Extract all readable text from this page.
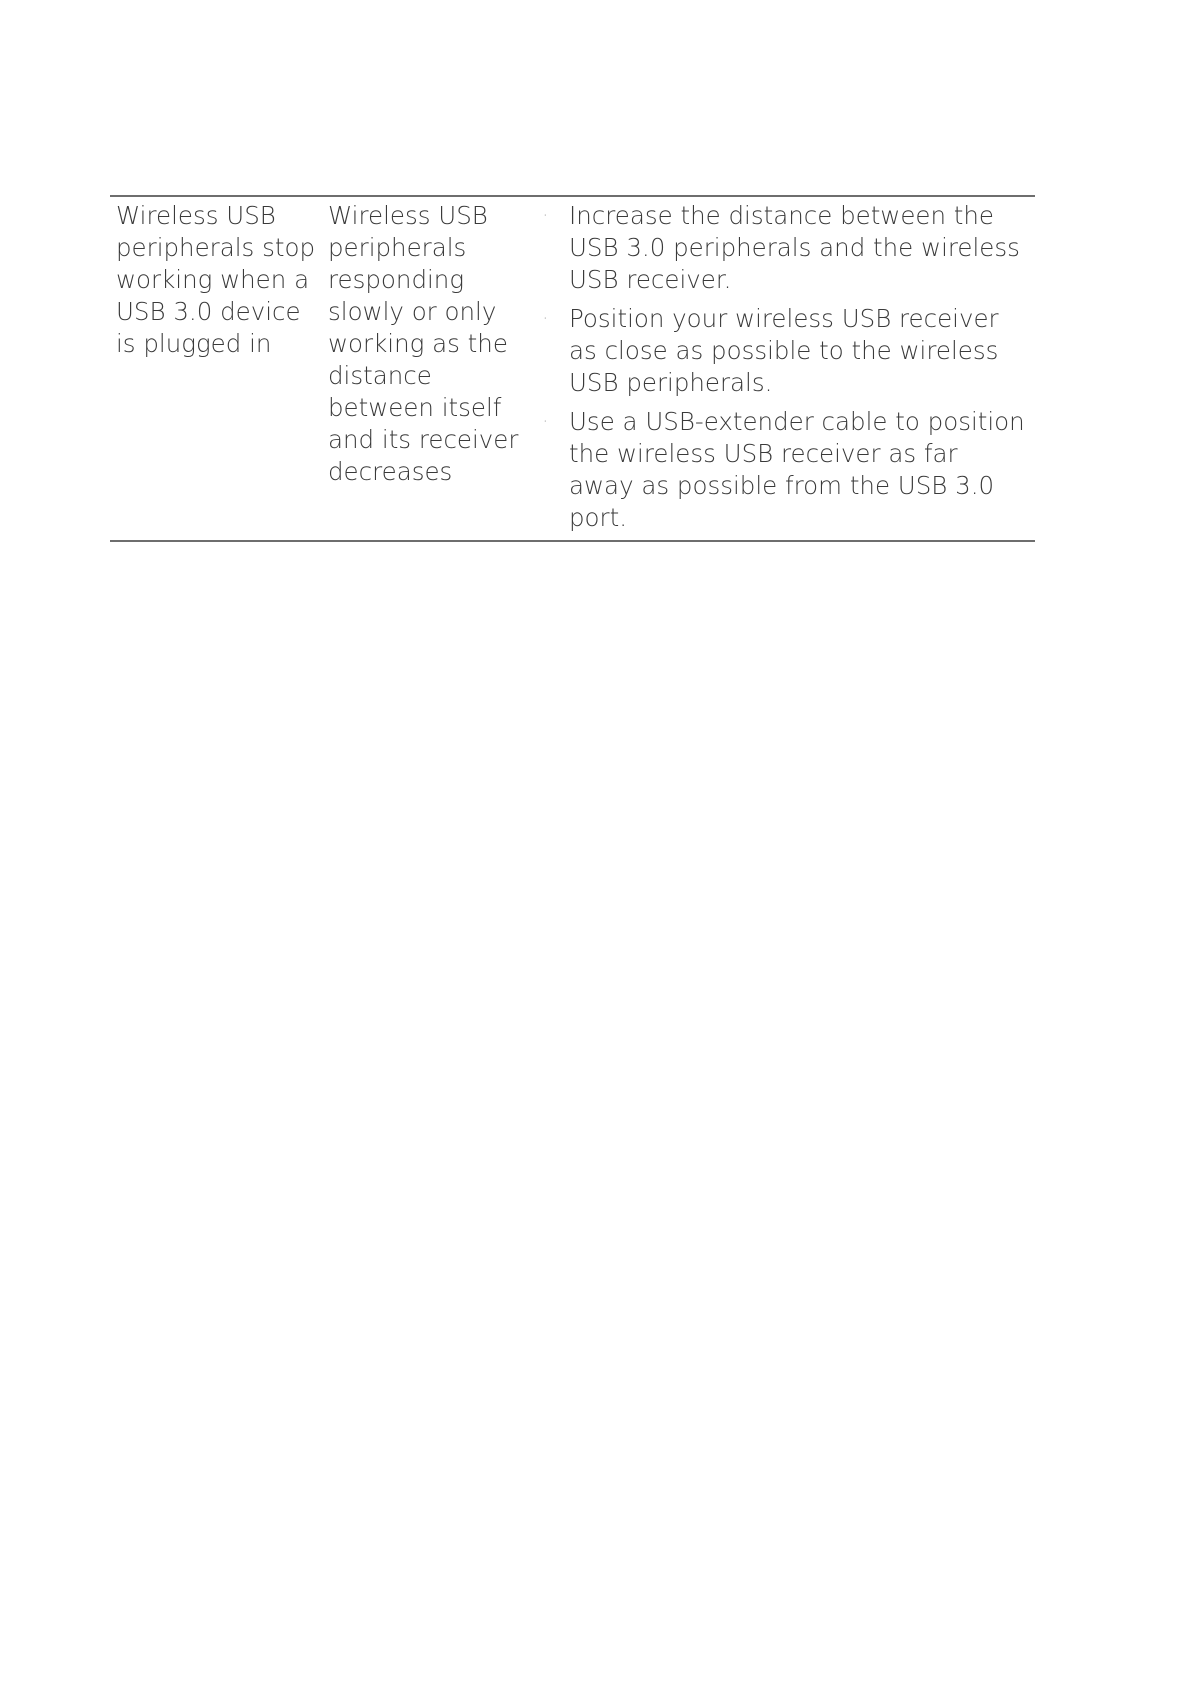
Wireless USB peripherals stop working when a USB 3.0 device is plugged in	Wireless USB peripherals responding slowly or only working as the distance between itself and its receiver decreases	
· Increase the distance between the USB 3.0 peripherals and the wireless USB receiver.
· Position your wireless USB receiver as close as possible to the wireless USB peripherals.
· Use a USB-extender cable to position the wireless USB receiver as far away as possible from the USB 3.0 port.
